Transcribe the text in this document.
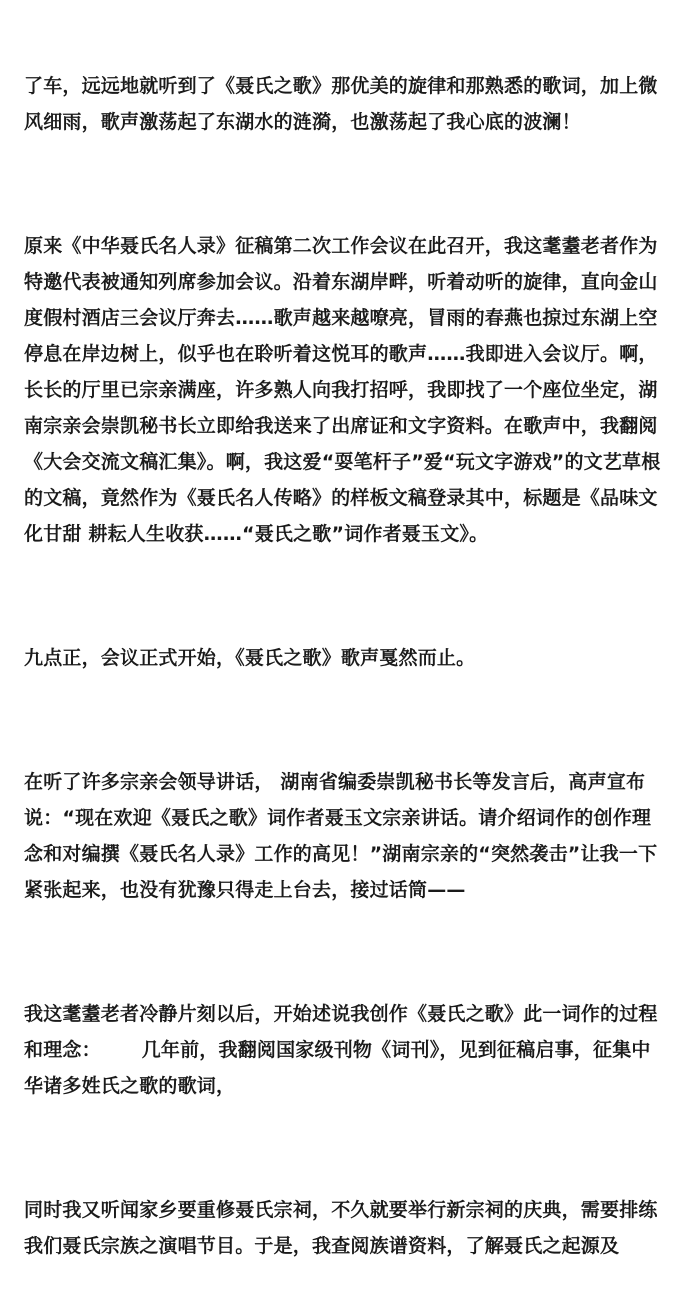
了车，远远地就听到了《聂氏之歌》那优美的旋律和那熟悉的歌词，加上微风细雨，歌声激荡起了东湖水的涟漪，也激荡起了我心底的波澜！

原来《中华聂氏名人录》征稿第二次工作会议在此召开，我这耄耋老者作为特邀代表被通知列席参加会议。沿着东湖岸畔，听着动听的旋律，直向金山度假村酒店三会议厅奔去……歌声越来越嘹亮，冒雨的春燕也掠过东湖上空停息在岸边树上，似乎也在聆听着这悦耳的歌声……我即进入会议厅。啊，长长的厅里已宗亲满座，许多熟人向我打招呼，我即找了一个座位坐定，湖南宗亲会崇凯秘书长立即给我送来了出席证和文字资料。在歌声中，我翻阅《大会交流文稿汇集》。啊，我这爱“耍笔杆子”爱“玩文字游戏”的文艺草根的文稿，竟然作为《聂氏名人传略》的样板文稿登录其中，标题是《品味文化甘甜 耕耘人生收获……“聂氏之歌”词作者聂玉文》。

九点正，会议正式开始，《聂氏之歌》歌声戛然而止。

在听了许多宗亲会领导讲话， 湖南省编委崇凯秘书长等发言后，高声宣布说：“现在欢迎《聂氏之歌》词作者聂玉文宗亲讲话。请介绍词作的创作理念和对编撰《聂氏名人录》工作的高见！”湖南宗亲的“突然袭击”让我一下紧张起来，也没有犹豫只得走上台去，接过话筒——

我这耄耋老者冷静片刻以后，开始述说我创作《聂氏之歌》此一词作的过程和理念：      几年前，我翻阅国家级刊物《词刊》，见到征稿启事，征集中华诸多姓氏之歌的歌词，

同时我又听闻家乡要重修聂氏宗祠，不久就要举行新宗祠的庆典，需要排练我们聂氏宗族之演唱节目。于是，我查阅族谱资料，了解聂氏之起源及
